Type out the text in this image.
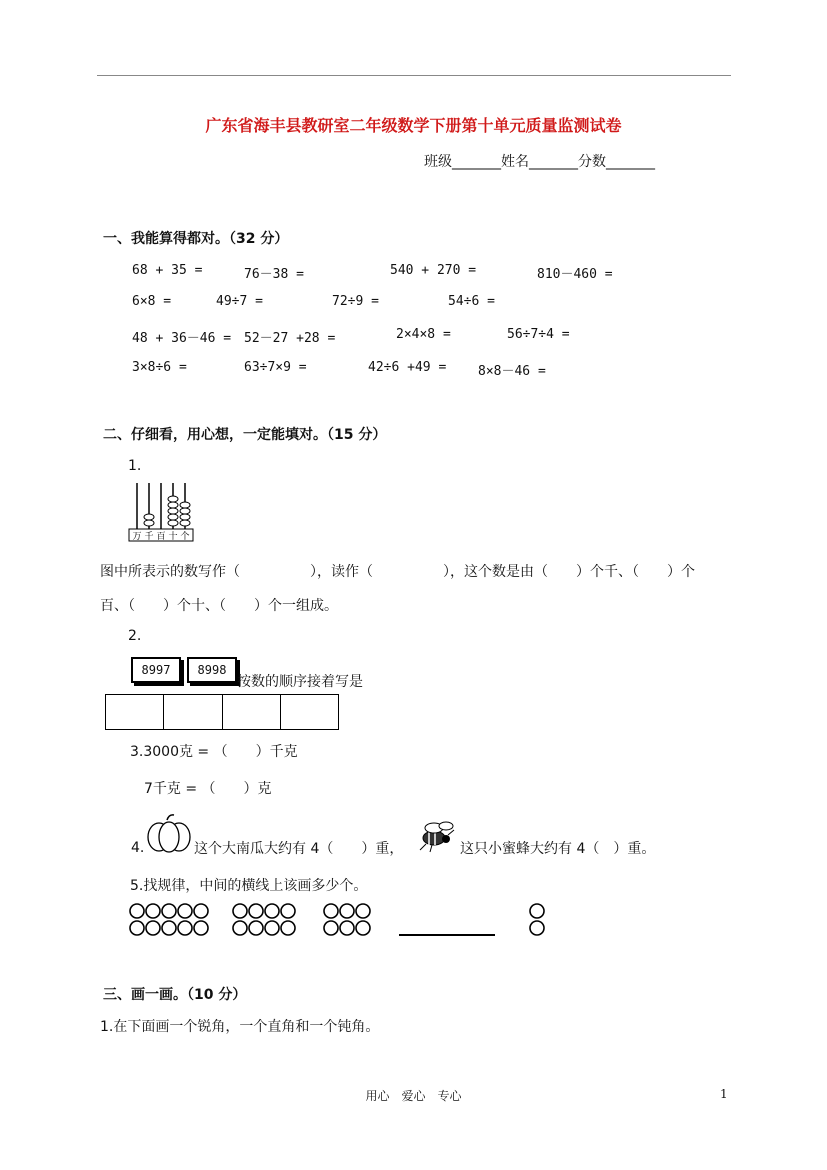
广东省海丰县教研室二年级数学下册第十单元质量监测试卷
班级_______姓名_______分数_______
一、我能算得都对。（32 分）
68 + 35 =	76－38 =	540 + 270 =	810－460 =
6×8 =	49÷7 =	72÷9 =	54÷6 =
48 + 36－46 = 52－27 +28 =	2×4×8 =	56÷7÷4 =
3×8÷6 =	63÷7×9 =	42÷6 +49 = 8×8－46 =
二、仔细看，用心想，一定能填对。（15 分）
1.
万 千 百 十 个
图中所表示的数写作（　　　　　），读作（　　　　　），这个数是由（　　）个千、（　　）个
百、（　　）个十、（　　）个一组成。
2.
8997	8998
按数的顺序接着写是
3.3000克 = （　　）千克
7千克 = （　　）克
4.	这个大南瓜大约有 4（　　）重，	这只小蜜蜂大约有 4（　）重。
5.找规律，中间的横线上该画多少个。
三、画一画。（10 分）
1.在下面画一个锐角，一个直角和一个钝角。
用心　爱心　专心	1
